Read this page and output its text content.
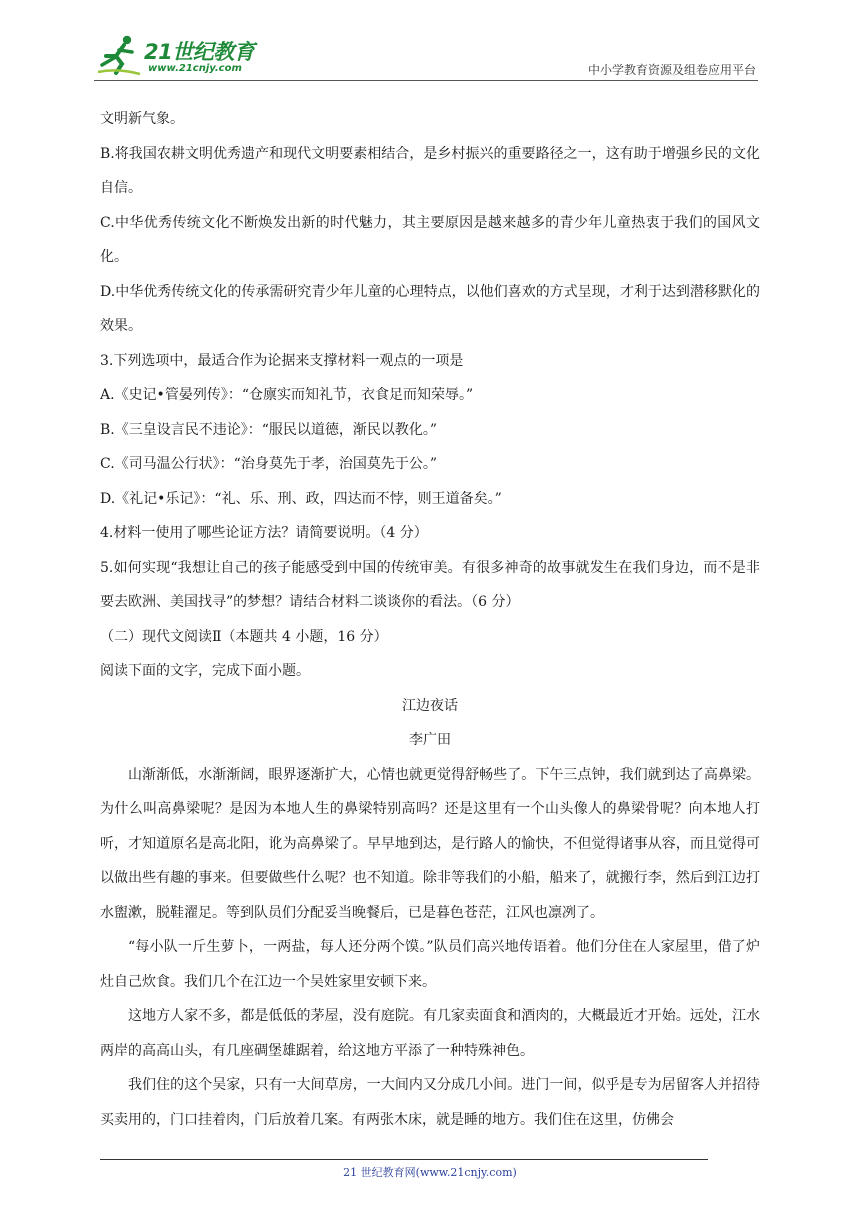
21世纪教育
www.21cnjy.com	中小学教育资源及组卷应用平台

文明新气象。

B.将我国农耕文明优秀遗产和现代文明要素相结合，是乡村振兴的重要路径之一，这有助于增强乡民的文化自信。

C.中华优秀传统文化不断焕发出新的时代魅力，其主要原因是越来越多的青少年儿童热衷于我们的国风文化。

D.中华优秀传统文化的传承需研究青少年儿童的心理特点，以他们喜欢的方式呈现，才利于达到潜移默化的效果。

3.下列选项中，最适合作为论据来支撑材料一观点的一项是

A.《史记•管晏列传》：“仓廪实而知礼节，衣食足而知荣辱。”

B.《三皇设言民不违论》：“服民以道德，渐民以教化。”

C.《司马温公行状》：“治身莫先于孝，治国莫先于公。”

D.《礼记•乐记》：“礼、乐、刑、政，四达而不悖，则王道备矣。”

4.材料一使用了哪些论证方法？请简要说明。（4 分）

5.如何实现“我想让自己的孩子能感受到中国的传统审美。有很多神奇的故事就发生在我们身边，而不是非要去欧洲、美国找寻”的梦想？请结合材料二谈谈你的看法。（6 分）

（二）现代文阅读Ⅱ（本题共 4 小题，16 分）

阅读下面的文字，完成下面小题。

江边夜话

李广田

山渐渐低，水渐渐阔，眼界逐渐扩大，心情也就更觉得舒畅些了。下午三点钟，我们就到达了高鼻梁。为什么叫高鼻梁呢？是因为本地人生的鼻梁特别高吗？还是这里有一个山头像人的鼻梁骨呢？向本地人打听，才知道原名是高北阳，讹为高鼻梁了。早早地到达，是行路人的愉快，不但觉得诸事从容，而且觉得可以做出些有趣的事来。但要做些什么呢？也不知道。除非等我们的小船，船来了，就搬行李，然后到江边打水盥漱，脱鞋濯足。等到队员们分配妥当晚餐后，已是暮色苍茫，江风也凛冽了。

“每小队一斤生萝卜，一两盐，每人还分两个馍。”队员们高兴地传语着。他们分住在人家屋里，借了炉灶自己炊食。我们几个在江边一个吴姓家里安顿下来。

这地方人家不多，都是低低的茅屋，没有庭院。有几家卖面食和酒肉的，大概最近才开始。远处，江水两岸的高高山头，有几座碉堡雄踞着，给这地方平添了一种特殊神色。

我们住的这个吴家，只有一大间草房，一大间内又分成几小间。进门一间，似乎是专为居留客人并招待买卖用的，门口挂着肉，门后放着几案。有两张木床，就是睡的地方。我们住在这里，仿佛会

21 世纪教育网(www.21cnjy.com)
